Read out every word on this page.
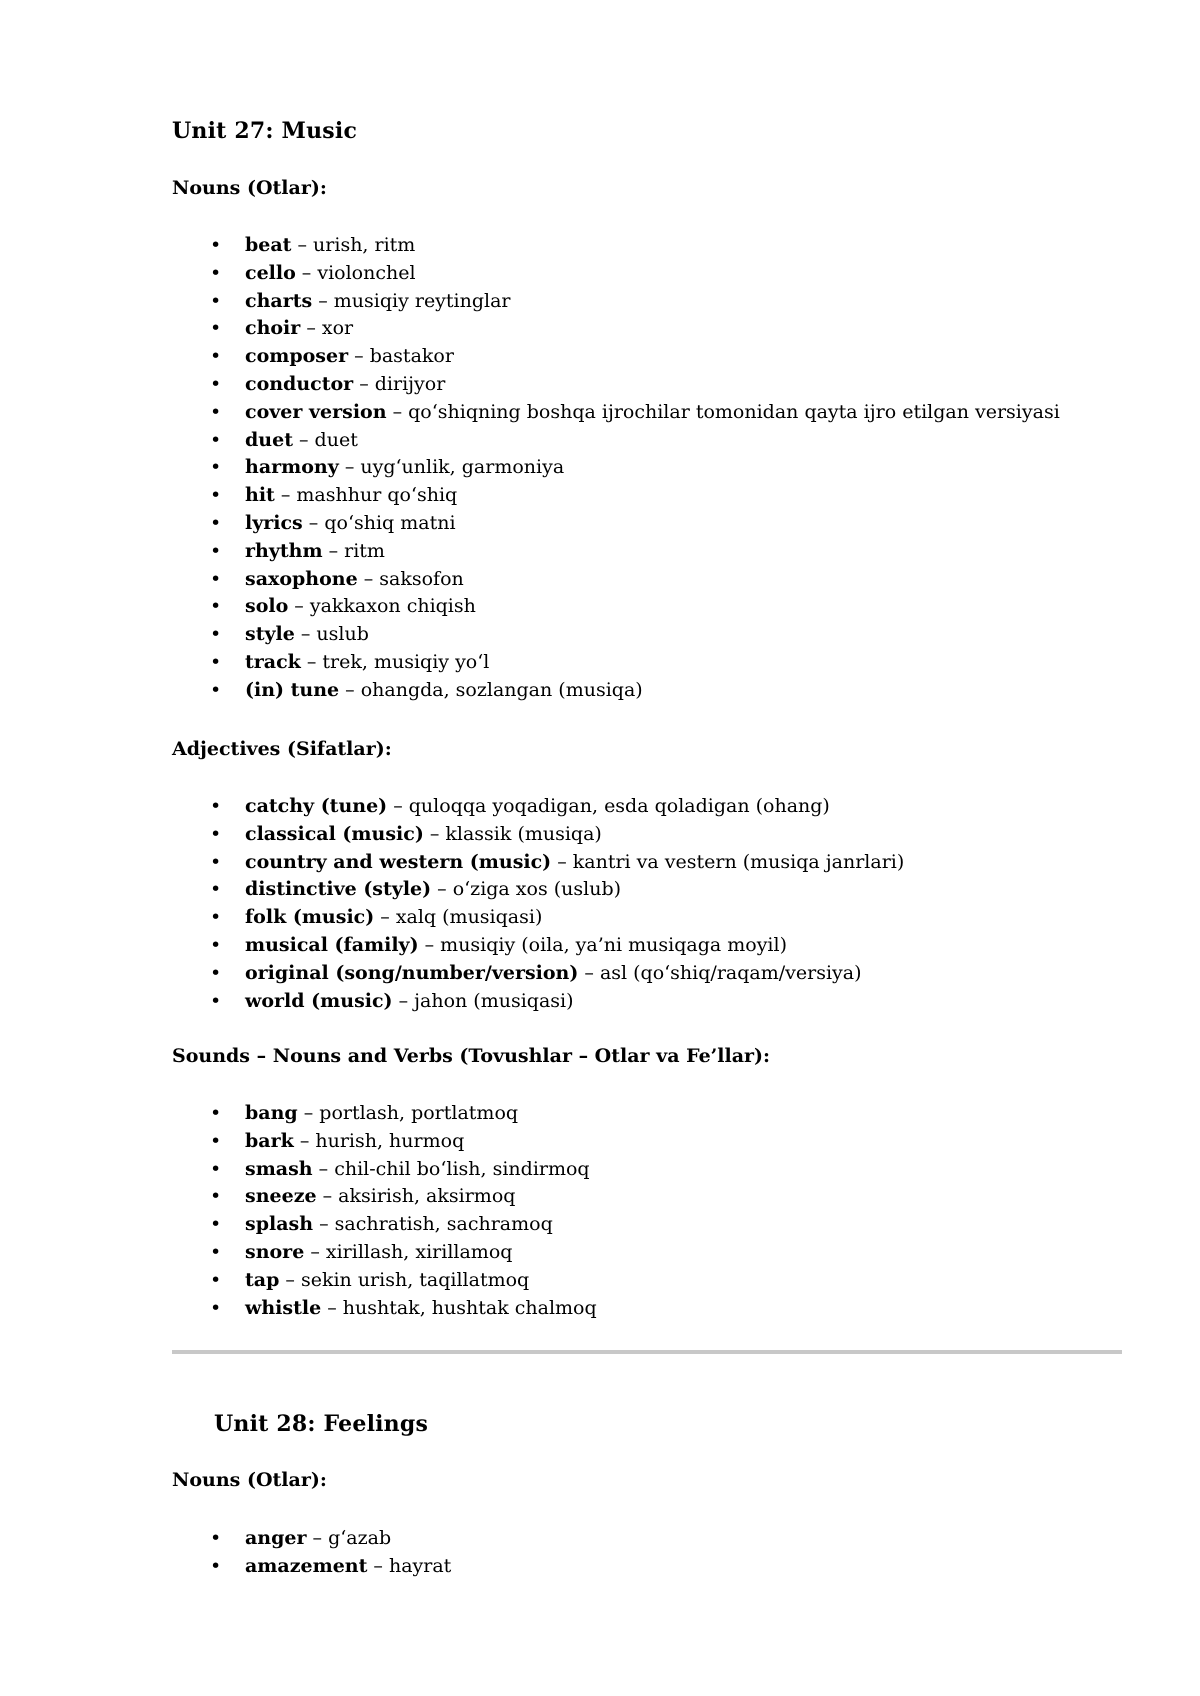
Unit 27: Music
Nouns (Otlar):
• beat – urish, ritm
• cello – violonchel
• charts – musiqiy reytinglar
• choir – xor
• composer – bastakor
• conductor – dirijyor
• cover version – qo‘shiqning boshqa ijrochilar tomonidan qayta ijro etilgan versiyasi
• duet – duet
• harmony – uyg‘unlik, garmoniya
• hit – mashhur qo‘shiq
• lyrics – qo‘shiq matni
• rhythm – ritm
• saxophone – saksofon
• solo – yakkaxon chiqish
• style – uslub
• track – trek, musiqiy yo‘l
• (in) tune – ohangda, sozlangan (musiqa)
Adjectives (Sifatlar):
• catchy (tune) – quloqqa yoqadigan, esda qoladigan (ohang)
• classical (music) – klassik (musiqa)
• country and western (music) – kantri va vestern (musiqa janrlari)
• distinctive (style) – o‘ziga xos (uslub)
• folk (music) – xalq (musiqasi)
• musical (family) – musiqiy (oila, ya’ni musiqaga moyil)
• original (song/number/version) – asl (qo‘shiq/raqam/versiya)
• world (music) – jahon (musiqasi)
Sounds – Nouns and Verbs (Tovushlar – Otlar va Fe’llar):
• bang – portlash, portlatmoq
• bark – hurish, hurmoq
• smash – chil-chil bo‘lish, sindirmoq
• sneeze – aksirish, aksirmoq
• splash – sachratish, sachramoq
• snore – xirillash, xirillamoq
• tap – sekin urish, taqillatmoq
• whistle – hushtak, hushtak chalmoq
Unit 28: Feelings
Nouns (Otlar):
• anger – g‘azab
• amazement – hayrat
